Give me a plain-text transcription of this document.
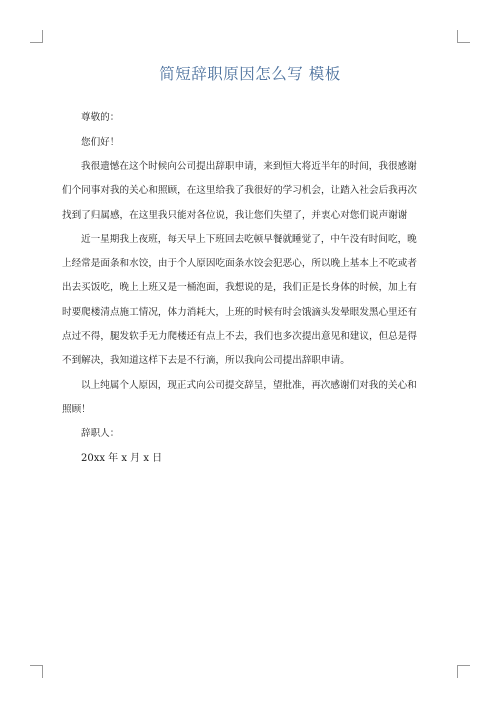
简短辞职原因怎么写 模板
尊敬的：
您们好！
我很遗憾在这个时候向公司提出辞职申请，来到恒大将近半年的时间，我很感谢
们个同事对我的关心和照顾，在这里给我了我很好的学习机会，让踏入社会后我再次
找到了归属感，在这里我只能对各位说，我让您们失望了，并衷心对您们说声谢谢
近一星期我上夜班，每天早上下班回去吃顿早餐就睡觉了，中午没有时间吃，晚
上经常是面条和水饺，由于个人原因吃面条水饺会犯恶心，所以晚上基本上不吃或者
出去买饭吃，晚上上班又是一桶泡面，我想说的是，我们正是长身体的时候，加上有
时要爬楼清点施工情况，体力消耗大，上班的时候有时会饿滴头发晕眼发黑心里还有
点过不得，腿发软手无力爬楼还有点上不去，我们也多次提出意见和建议，但总是得
不到解决，我知道这样下去是不行滴，所以我向公司提出辞职申请。
以上纯属个人原因，现正式向公司提交辞呈，望批准，再次感谢们对我的关心和
照顾！
辞职人：
20xx 年 x 月 x 日
